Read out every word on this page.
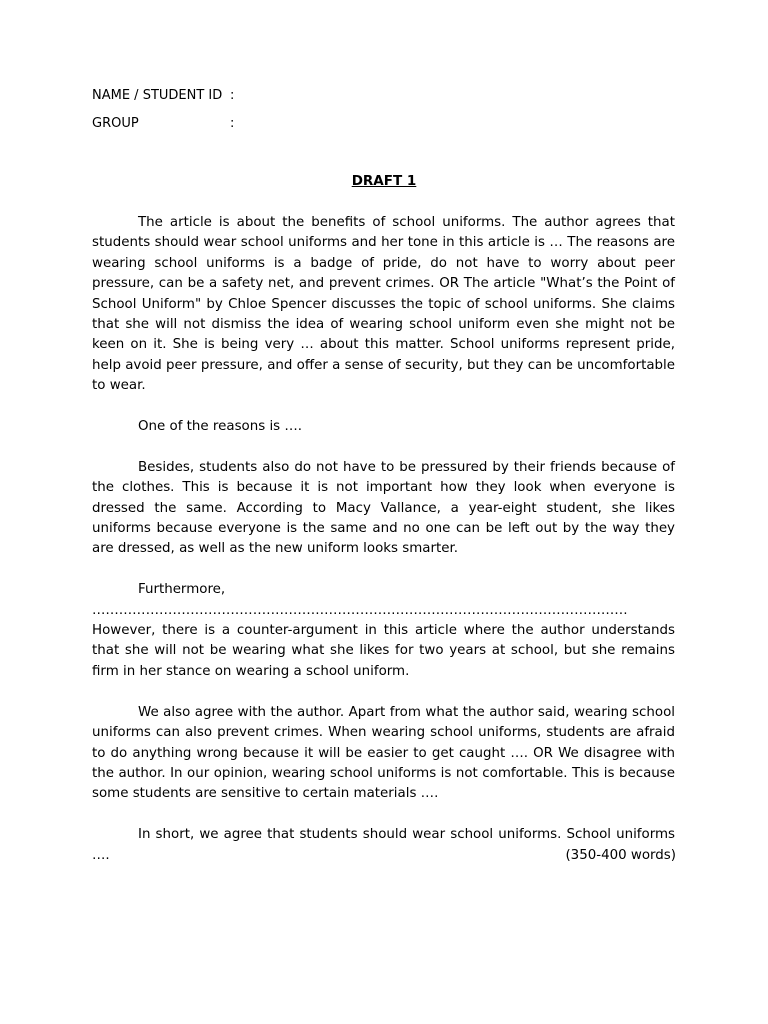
NAME / STUDENT ID :
GROUP	:
DRAFT 1

The article is about the benefits of school uniforms. The author agrees that students should wear school uniforms and her tone in this article is … The reasons are wearing school uniforms is a badge of pride, do not have to worry about peer pressure, can be a safety net, and prevent crimes. OR The article "What’s the Point of School Uniform" by Chloe Spencer discusses the topic of school uniforms. She claims that she will not dismiss the idea of wearing school uniform even she might not be keen on it. She is being very … about this matter. School uniforms represent pride, help avoid peer pressure, and offer a sense of security, but they can be uncomfortable to wear.

One of the reasons is ….

Besides, students also do not have to be pressured by their friends because of the clothes. This is because it is not important how they look when everyone is dressed the same. According to Macy Vallance, a year-eight student, she likes uniforms because everyone is the same and no one can be left out by the way they are dressed, as well as the new uniform looks smarter.

Furthermore, ………………………………………………………………………………………………………… However, there is a counter-argument in this article where the author understands that she will not be wearing what she likes for two years at school, but she remains firm in her stance on wearing a school uniform.

We also agree with the author. Apart from what the author said, wearing school uniforms can also prevent crimes. When wearing school uniforms, students are afraid to do anything wrong because it will be easier to get caught …. OR We disagree with the author. In our opinion, wearing school uniforms is not comfortable. This is because some students are sensitive to certain materials ….

In short, we agree that students should wear school uniforms. School uniforms ….	(350-400 words)
